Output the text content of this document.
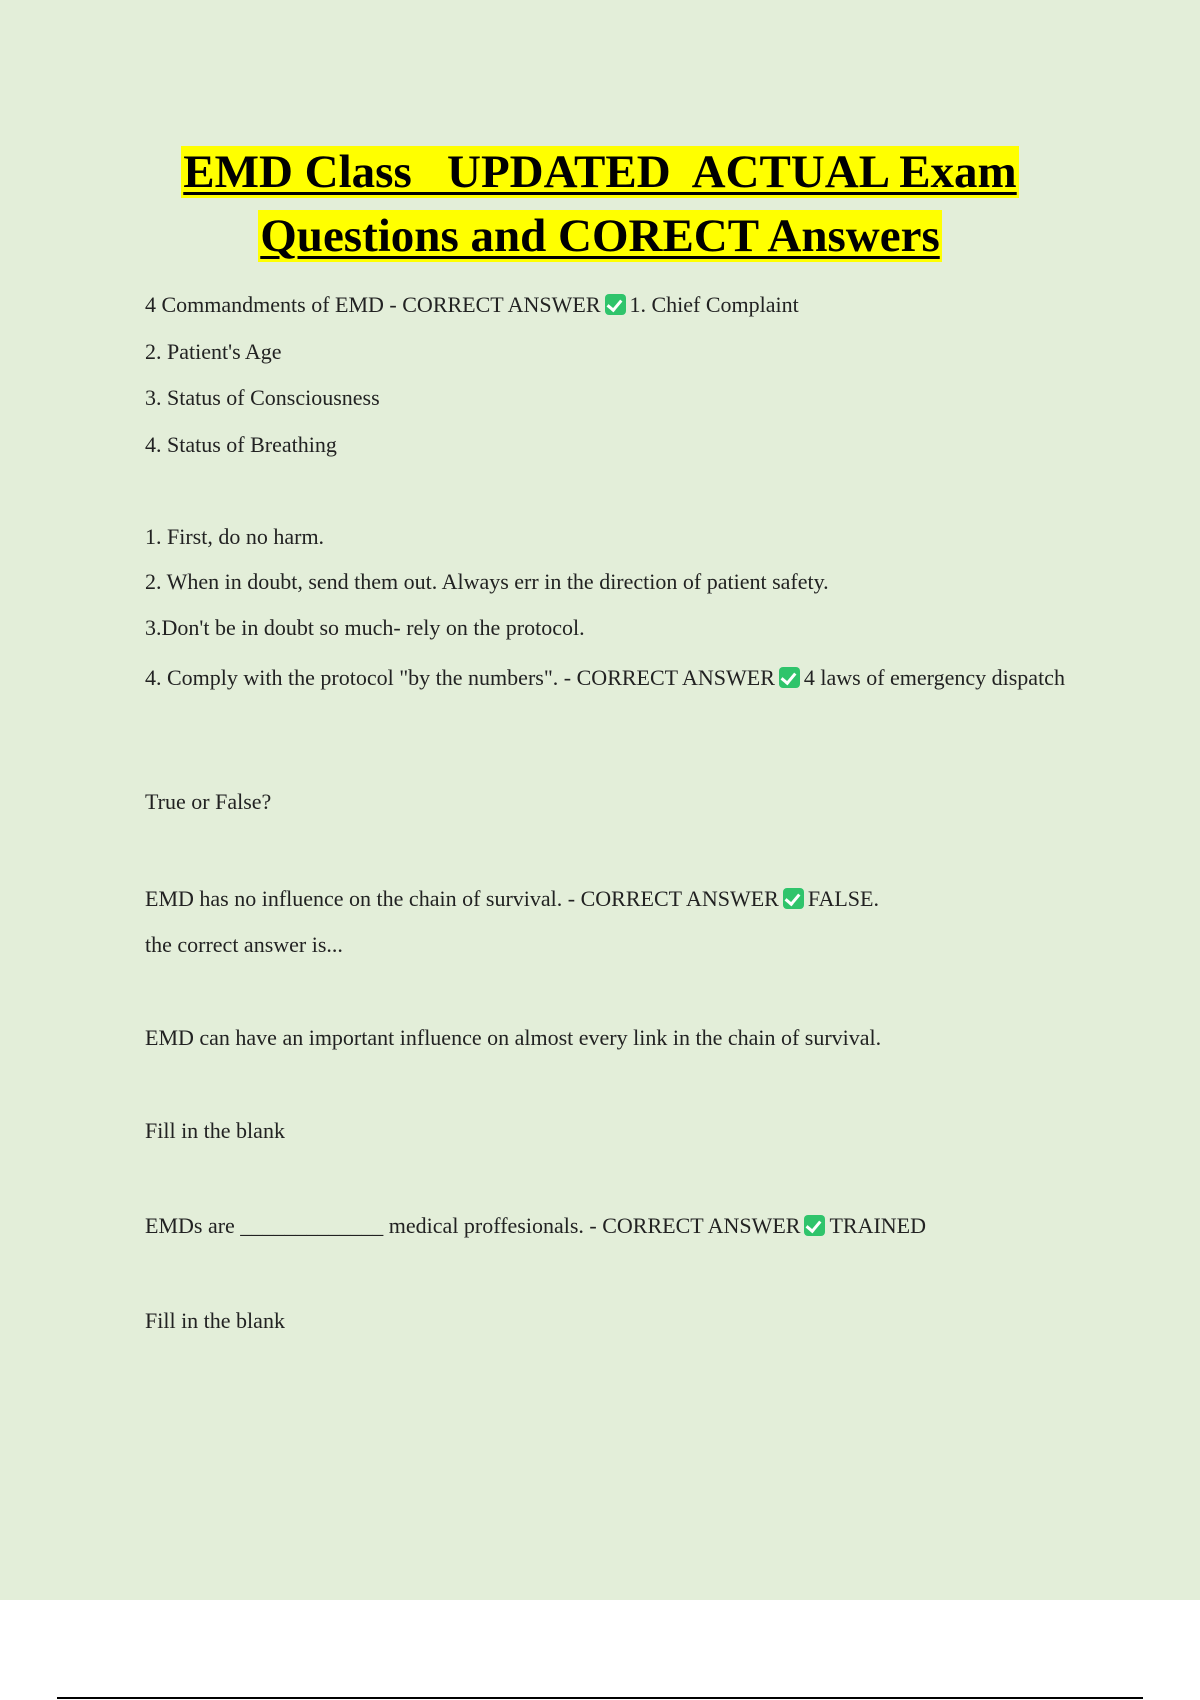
EMD Class   UPDATED  ACTUAL Exam
Questions and CORECT Answers
4 Commandments of EMD - CORRECT ANSWER 1. Chief Complaint
2. Patient's Age
3. Status of Consciousness
4. Status of Breathing
1. First, do no harm.
2. When in doubt, send them out. Always err in the direction of patient safety.
3.Don't be in doubt so much- rely on the protocol.
4. Comply with the protocol "by the numbers". - CORRECT ANSWER 4 laws of emergency dispatch
True or False?
EMD has no influence on the chain of survival. - CORRECT ANSWER FALSE.
the correct answer is...
EMD can have an important influence on almost every link in the chain of survival.
Fill in the blank
EMDs are _____________ medical proffesionals. - CORRECT ANSWER TRAINED
Fill in the blank
